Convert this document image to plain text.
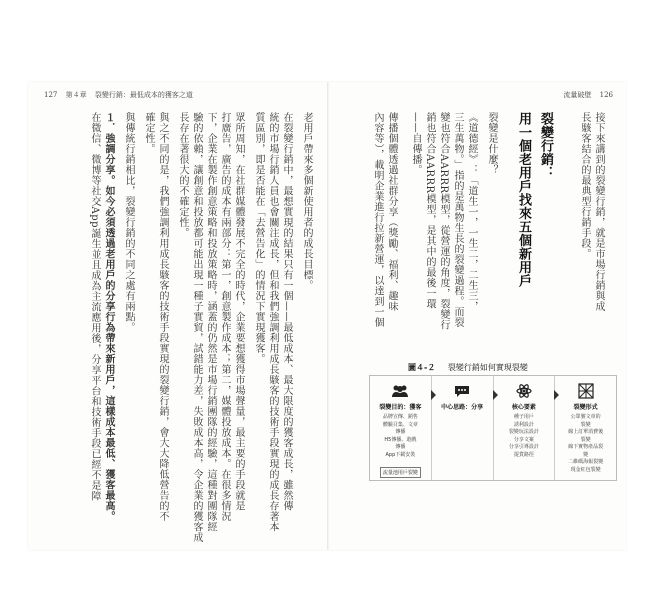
127 第４章 裂變行銷：最低成本的獲客之道	流量破壁 126
接下來講到的裂變行銷，就是市場行銷與成
長駭客結合的最典型行銷手段。
裂變行銷：
用一個老用戶找來五個新用戶
裂變是什麼？
《道德經》：「道生一，一生二，二生三，
三生萬物。」指的是萬物生長的裂變過程。而裂
變也符合AARRR模型，從營運的角度，裂變行
銷也符合AARRR模型，是其中的最後一環
——自傳播。
傳播個體透過社群分享（獎勵、福利、趣味
內容等），載明企業進行拉新營運，以達到一個
圖４-２ 裂變行銷如何實現裂變
裂變目的：獲客
品牌宣傳、銷售
體驗召集、文章
傳播
H5傳播、遊戲
傳播
App下載安裝
流量池用戶裂變
中心思路：分享	核心要素
種子用戶
誘利設計
裂變玩法設計
分享文案
分享引導設計
提貨路徑
裂變形式
公眾號文章的
裂變
線上訂單消費後
裂變
線下實物產品裂
變
二維碼海報裂變
現金紅包裂變
老用戶帶來多個新使用者的成長目標。
在裂變行銷中，最想實現的結果只有一個——最低成本、最大限度的獲客成長，雖然傳
統的市場行銷人員也會關注成長，但和我們強調利用成長駭客的技術手段實現的成長存著本
質區別，即是否能在「去營告化」的情況下實現獲客。
眾所周知，在社群媒體發展不完全的時代，企業要想獲得市場聲量，最主要的手段就是
打廣告，廣告的成本有兩部分：第一，創意製作成本；第二，媒體投放成本。在很多情況
下，企業在製作創意策略和投放策略時，涵蓋的仍然是市場行銷團隊的經驗，這種對團隊經
驗的依賴，讓創意和投放都可能出現一種子實貿，試錯能力差，失敗成本高，令企業的獲客成
長存在著很大的不確定性。
與之不同的是，我們強調利用成長駭客的技術手段實現的裂變行銷，會大大降低營告的不
確定性。
與傳統行銷相比，裂變行銷的不同之處有兩點。
１．強調分享。如今必須透過老用戶的分享行為帶來新用戶，這樣成本最低、獲客最高。
在微信、微博等社交App誕生並且成為主流應用後，分享平台和技術手段已經不是障
